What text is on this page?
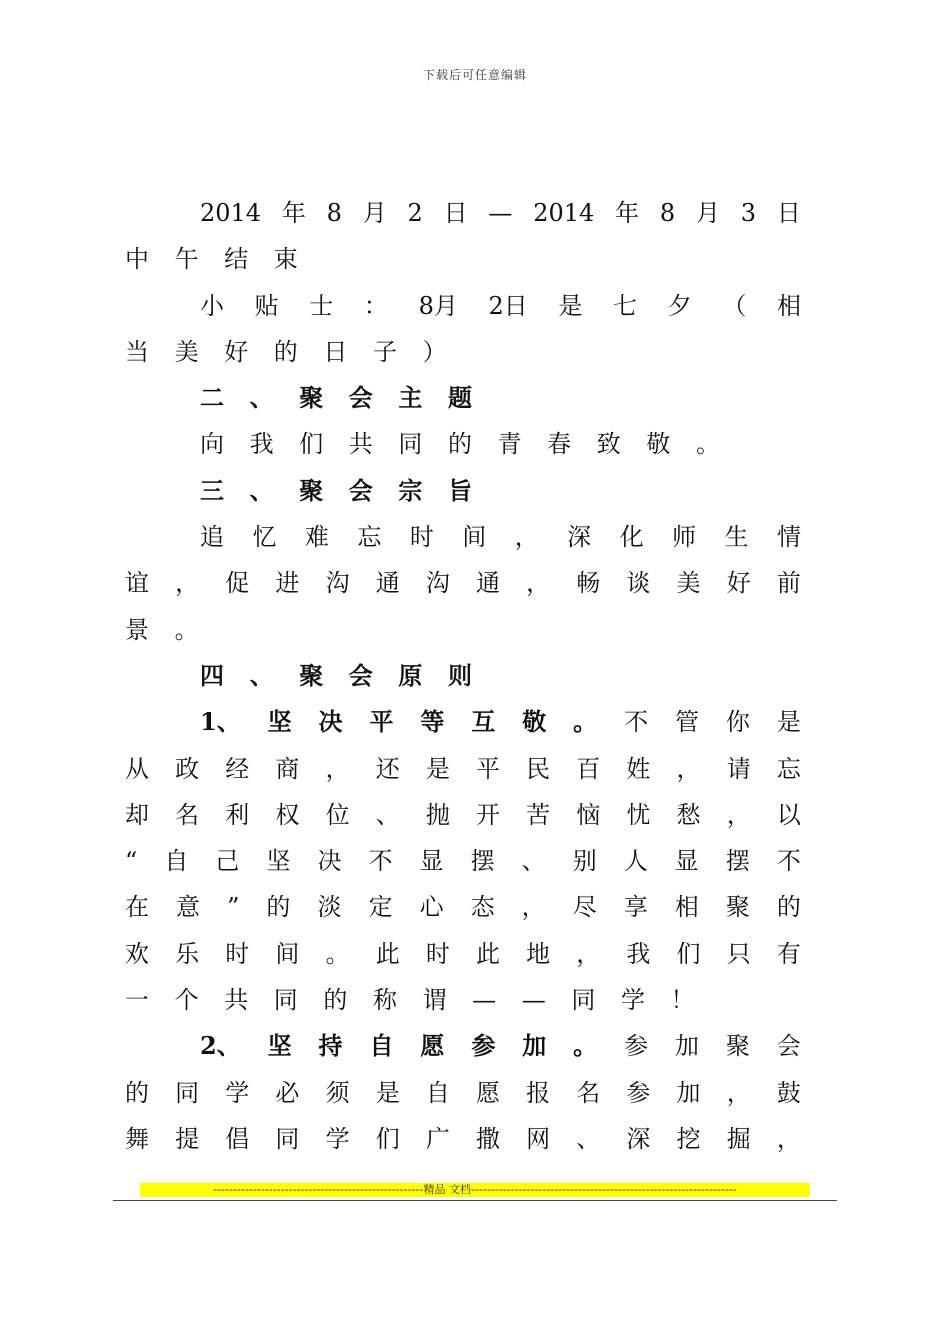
下载后可任意编辑
2014 年 8 月 2 日 — 2014 年 8 月 3 日
中 午 结 束
小 贴 士 ： 8月 2日 是 七 夕 （ 相
当 美 好 的 日 子 ）
二 、 聚 会 主 题
向 我 们 共 同 的 青 春 致 敬 。
三 、 聚 会 宗 旨
追 忆 难 忘 时 间 ， 深 化 师 生 情
谊 ， 促 进 沟 通 沟 通 ， 畅 谈 美 好 前
景 。
四 、 聚 会 原 则
1、 坚 决 平 等 互 敬 。 不 管 你 是
从 政 经 商 ， 还 是 平 民 百 姓 ， 请 忘
却 名 利 权 位 、 抛 开 苦 恼 忧 愁 ， 以
“ 自 己 坚 决 不 显 摆 、 别 人 显 摆 不
在 意 ” 的 淡 定 心 态 ， 尽 享 相 聚 的
欢 乐 时 间 。 此 时 此 地 ， 我 们 只 有
一 个 共 同 的 称 谓 — — 同 学 ！
2、 坚 持 自 愿 参 加 。 参 加 聚 会
的 同 学 必 须 是 自 愿 报 名 参 加 ， 鼓
舞 提 倡 同 学 们 广 撒 网 、 深 挖 掘 ，
-----------------------------------------------------精品 文档-------------------------------------------------------------------
